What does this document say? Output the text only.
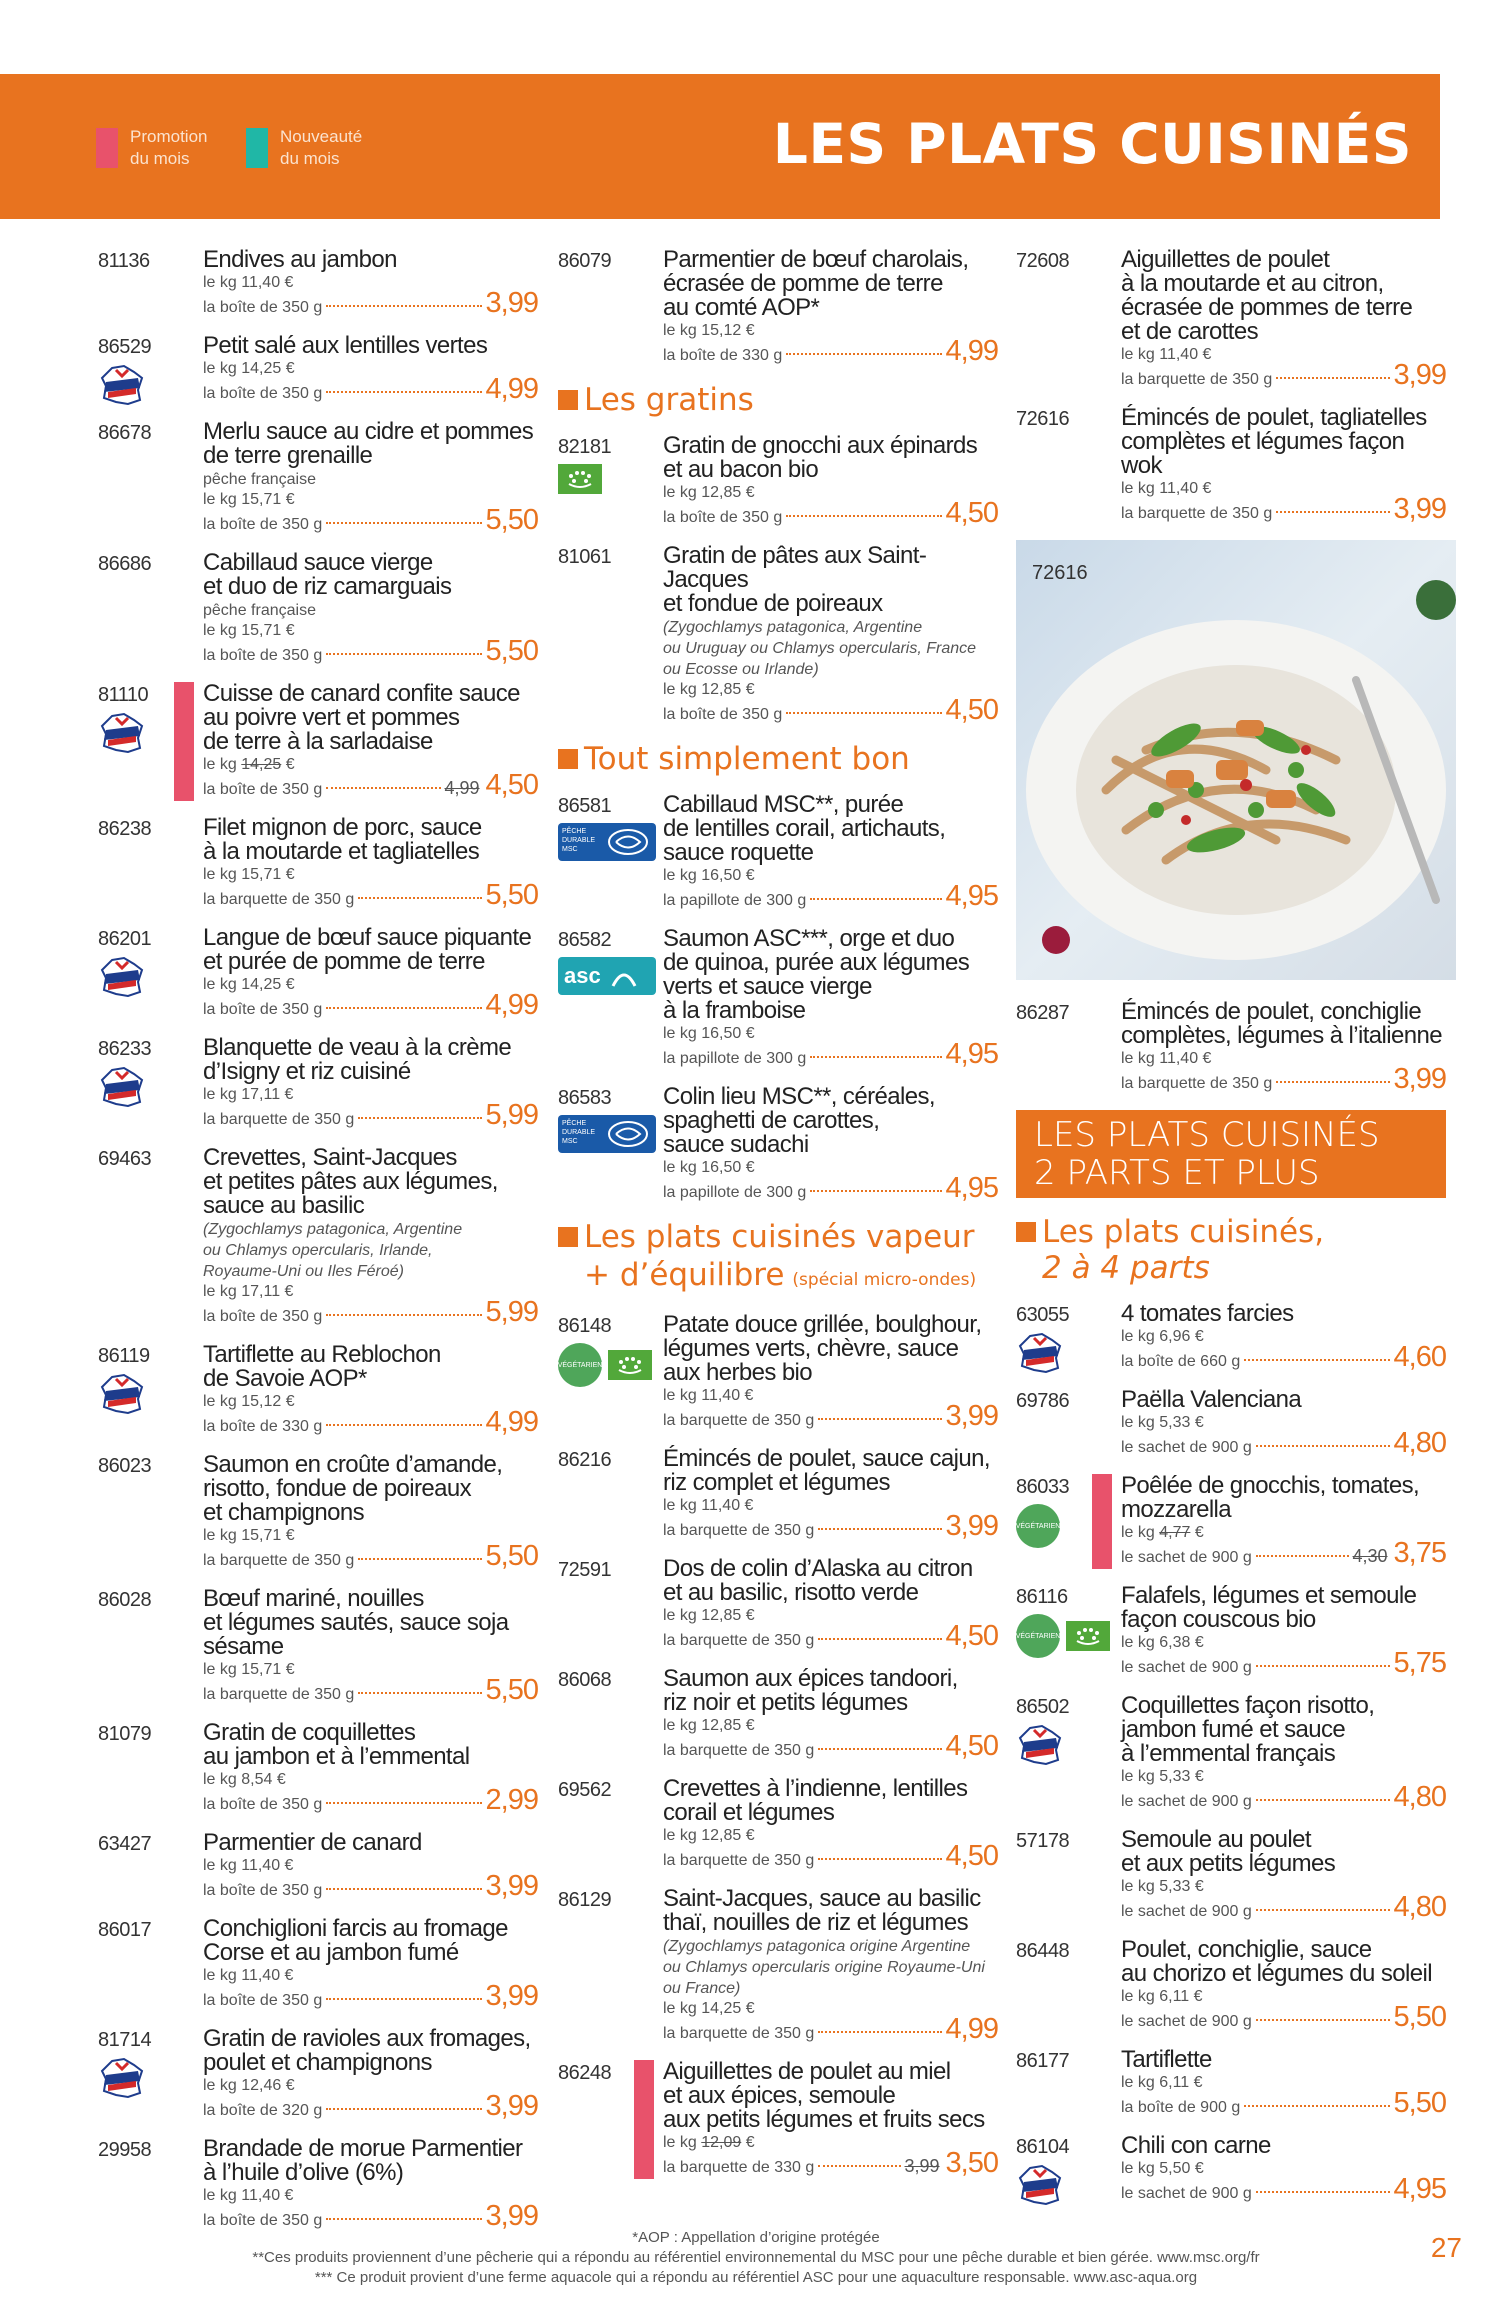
Promotion
du mois
Nouveauté
du mois	LES PLATS CUISINÉS
81136 Endives au jambon
le kg 11,40 €
la boîte de 350 g	3,99
86529 Petit salé aux lentilles vertes
le kg 14,25 €
la boîte de 350 g	4,99
86678 Merlu sauce au cidre et pommes
de terre grenaille
pêche française
le kg 15,71 €
la boîte de 350 g	5,50
86686 Cabillaud sauce vierge
et duo de riz camarguais
pêche française
le kg 15,71 €
la boîte de 350 g	5,50
81110 Cuisse de canard confite sauce
au poivre vert et pommes
de terre à la sarladaise
le kg 14,25 €
la boîte de 350 g	4,99 4,50
86238 Filet mignon de porc, sauce
à la moutarde et tagliatelles
le kg 15,71 €
la barquette de 350 g	5,50
86201 Langue de bœuf sauce piquante
et purée de pomme de terre
le kg 14,25 €
la boîte de 350 g	4,99
86233 Blanquette de veau à la crème
d’Isigny et riz cuisiné
le kg 17,11 €
la barquette de 350 g	5,99
69463 Crevettes, Saint-Jacques
et petites pâtes aux légumes,
sauce au basilic
(Zygochlamys patagonica, Argentine
ou Chlamys opercularis, Irlande,
Royaume-Uni ou Iles Féroé)
le kg 17,11 €
la boîte de 350 g	5,99
86119 Tartiflette au Reblochon
de Savoie AOP*
le kg 15,12 €
la boîte de 330 g	4,99
86023 Saumon en croûte d’amande,
risotto, fondue de poireaux
et champignons
le kg 15,71 €
la barquette de 350 g	5,50
86028 Bœuf mariné, nouilles
et légumes sautés, sauce soja
sésame
le kg 15,71 €
la barquette de 350 g	5,50
81079 Gratin de coquillettes
au jambon et à l’emmental
le kg 8,54 €
la boîte de 350 g	2,99
63427 Parmentier de canard
le kg 11,40 €
la boîte de 350 g	3,99
86017 Conchiglioni farcis au fromage
Corse et au jambon fumé
le kg 11,40 €
la boîte de 350 g	3,99
81714 Gratin de ravioles aux fromages,
poulet et champignons
le kg 12,46 €
la boîte de 320 g	3,99
29958 Brandade de morue Parmentier
à l’huile d’olive (6%)
le kg 11,40 €
la boîte de 350 g	3,99
86079 Parmentier de bœuf charolais,
écrasée de pomme de terre
au comté AOP*
le kg 15,12 €
la boîte de 330 g	4,99
Les gratins
82181 Gratin de gnocchi aux épinards
et au bacon bio
le kg 12,85 €
la boîte de 350 g	4,50
81061 Gratin de pâtes aux Saint-Jacques
et fondue de poireaux
(Zygochlamys patagonica, Argentine
ou Uruguay ou Chlamys opercularis, France
ou Ecosse ou Irlande)
le kg 12,85 €
la boîte de 350 g	4,50
Tout simplement bon
86581
PÊCHE DURABLE MSC
Cabillaud MSC**, purée
de lentilles corail, artichauts,
sauce roquette
le kg 16,50 €
la papillote de 300 g	4,95
86582
asc
Saumon ASC***, orge et duo
de quinoa, purée aux légumes
verts et sauce vierge
à la framboise
le kg 16,50 €
la papillote de 300 g	4,95
86583
PÊCHE DURABLE MSC
Colin lieu MSC**, céréales,
spaghetti de carottes,
sauce sudachi
le kg 16,50 €
la papillote de 300 g	4,95
Les plats cuisinés vapeur
+ d’équilibre (spécial micro-ondes)
86148
VÉGÉTARIEN
Patate douce grillée, boulghour,
légumes verts, chèvre, sauce
aux herbes bio
le kg 11,40 €
la barquette de 350 g	3,99
86216 Émincés de poulet, sauce cajun,
riz complet et légumes
le kg 11,40 €
la barquette de 350 g	3,99
72591 Dos de colin d’Alaska au citron
et au basilic, risotto verde
le kg 12,85 €
la barquette de 350 g	4,50
86068 Saumon aux épices tandoori,
riz noir et petits légumes
le kg 12,85 €
la barquette de 350 g	4,50
69562 Crevettes à l’indienne, lentilles
corail et légumes
le kg 12,85 €
la barquette de 350 g	4,50
86129 Saint-Jacques, sauce au basilic
thaï, nouilles de riz et légumes
(Zygochlamys patagonica origine Argentine
ou Chlamys opercularis origine Royaume-Uni
ou France)
le kg 14,25 €
la barquette de 350 g	4,99
86248 Aiguillettes de poulet au miel
et aux épices, semoule
aux petits légumes et fruits secs
le kg 12,09 €
la barquette de 330 g	3,99 3,50
72608 Aiguillettes de poulet
à la moutarde et au citron,
écrasée de pommes de terre
et de carottes
le kg 11,40 €
la barquette de 350 g	3,99
72616 Émincés de poulet, tagliatelles
complètes et légumes façon wok
le kg 11,40 €
la barquette de 350 g	3,99
72616
86287 Émincés de poulet, conchiglie
complètes, légumes à l’italienne
le kg 11,40 €
la barquette de 350 g	3,99
LES PLATS CUISINÉS
2 PARTS ET PLUS
Les plats cuisinés,
2 à 4 parts
63055 4 tomates farcies
le kg 6,96 €
la boîte de 660 g	4,60
69786 Paëlla Valenciana
le kg 5,33 €
le sachet de 900 g	4,80
86033
VÉGÉTARIEN
Poêlée de gnocchis, tomates,
mozzarella
le kg 4,77 €
le sachet de 900 g	4,30 3,75
86116
VÉGÉTARIEN
Falafels, légumes et semoule
façon couscous bio
le kg 6,38 €
le sachet de 900 g	5,75
86502 Coquillettes façon risotto,
jambon fumé et sauce
à l’emmental français
le kg 5,33 €
le sachet de 900 g	4,80
57178 Semoule au poulet
et aux petits légumes
le kg 5,33 €
le sachet de 900 g	4,80
86448 Poulet, conchiglie, sauce
au chorizo et légumes du soleil
le kg 6,11 €
le sachet de 900 g	5,50
86177 Tartiflette
le kg 6,11 €
la boîte de 900 g	5,50
86104 Chili con carne
le kg 5,50 €
le sachet de 900 g	4,95
*AOP : Appellation d’origine protégée
**Ces produits proviennent d’une pêcherie qui a répondu au référentiel environnemental du MSC pour une pêche durable et bien gérée. www.msc.org/fr
*** Ce produit provient d’une ferme aquacole qui a répondu au référentiel ASC pour une aquaculture responsable. www.asc-aqua.org
27
